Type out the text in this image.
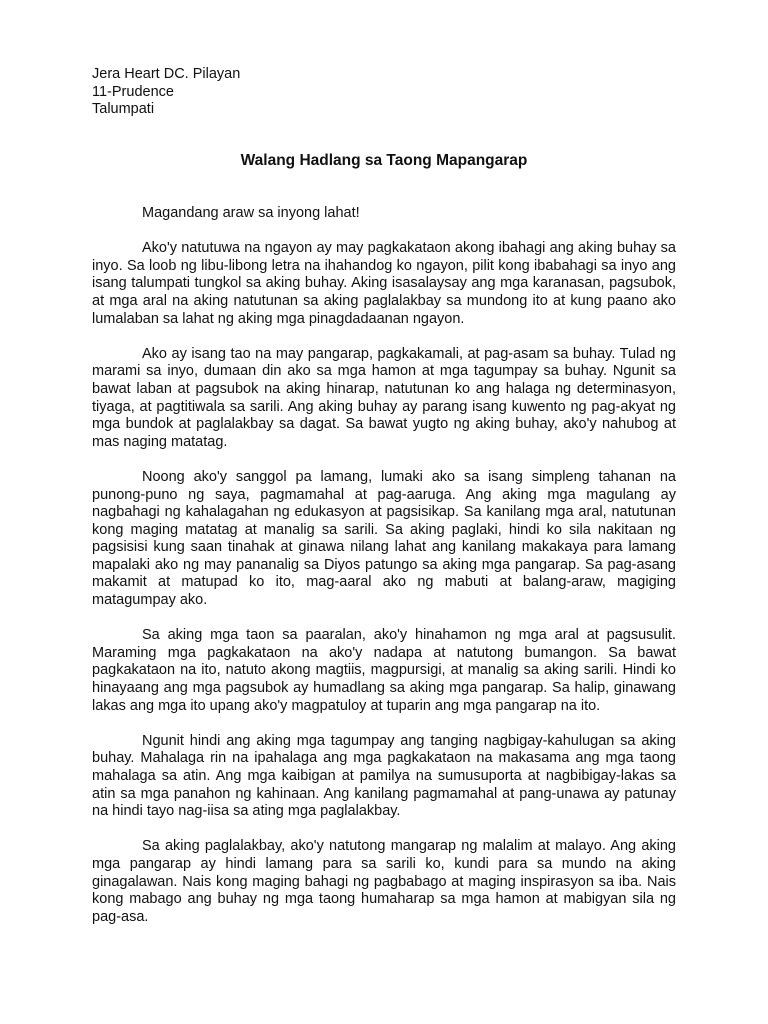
Jera Heart DC. Pilayan
11-Prudence
Talumpati
Walang Hadlang sa Taong Mapangarap

Magandang araw sa inyong lahat!

Ako'y natutuwa na ngayon ay may pagkakataon akong ibahagi ang aking buhay sa inyo. Sa loob ng libu-libong letra na ihahandog ko ngayon, pilit kong ibabahagi sa inyo ang isang talumpati tungkol sa aking buhay. Aking isasalaysay ang mga karanasan, pagsubok, at mga aral na aking natutunan sa aking paglalakbay sa mundong ito at kung paano ako lumalaban sa lahat ng aking mga pinagdadaanan ngayon.

Ako ay isang tao na may pangarap, pagkakamali, at pag-asam sa buhay. Tulad ng marami sa inyo, dumaan din ako sa mga hamon at mga tagumpay sa buhay. Ngunit sa bawat laban at pagsubok na aking hinarap, natutunan ko ang halaga ng determinasyon, tiyaga, at pagtitiwala sa sarili. Ang aking buhay ay parang isang kuwento ng pag-akyat ng mga bundok at paglalakbay sa dagat. Sa bawat yugto ng aking buhay, ako'y nahubog at mas naging matatag.

Noong ako'y sanggol pa lamang, lumaki ako sa isang simpleng tahanan na punong-puno ng saya, pagmamahal at pag-aaruga. Ang aking mga magulang ay nagbahagi ng kahalagahan ng edukasyon at pagsisikap. Sa kanilang mga aral, natutunan kong maging matatag at manalig sa sarili. Sa aking paglaki, hindi ko sila nakitaan ng pagsisisi kung saan tinahak at ginawa nilang lahat ang kanilang makakaya para lamang mapalaki ako ng may pananalig sa Diyos patungo sa aking mga pangarap. Sa pag-asang makamit at matupad ko ito, mag-aaral ako ng mabuti at balang-araw, magiging matagumpay ako.

Sa aking mga taon sa paaralan, ako'y hinahamon ng mga aral at pagsusulit. Maraming mga pagkakataon na ako'y nadapa at natutong bumangon. Sa bawat pagkakataon na ito, natuto akong magtiis, magpursigi, at manalig sa aking sarili. Hindi ko hinayaang ang mga pagsubok ay humadlang sa aking mga pangarap. Sa halip, ginawang lakas ang mga ito upang ako'y magpatuloy at tuparin ang mga pangarap na ito.

Ngunit hindi ang aking mga tagumpay ang tanging nagbigay-kahulugan sa aking buhay. Mahalaga rin na ipahalaga ang mga pagkakataon na makasama ang mga taong mahalaga sa atin. Ang mga kaibigan at pamilya na sumusuporta at nagbibigay-lakas sa atin sa mga panahon ng kahinaan. Ang kanilang pagmamahal at pang-unawa ay patunay na hindi tayo nag-iisa sa ating mga paglalakbay.

Sa aking paglalakbay, ako'y natutong mangarap ng malalim at malayo. Ang aking mga pangarap ay hindi lamang para sa sarili ko, kundi para sa mundo na aking ginagalawan. Nais kong maging bahagi ng pagbabago at maging inspirasyon sa iba. Nais kong mabago ang buhay ng mga taong humaharap sa mga hamon at mabigyan sila ng pag-asa.
